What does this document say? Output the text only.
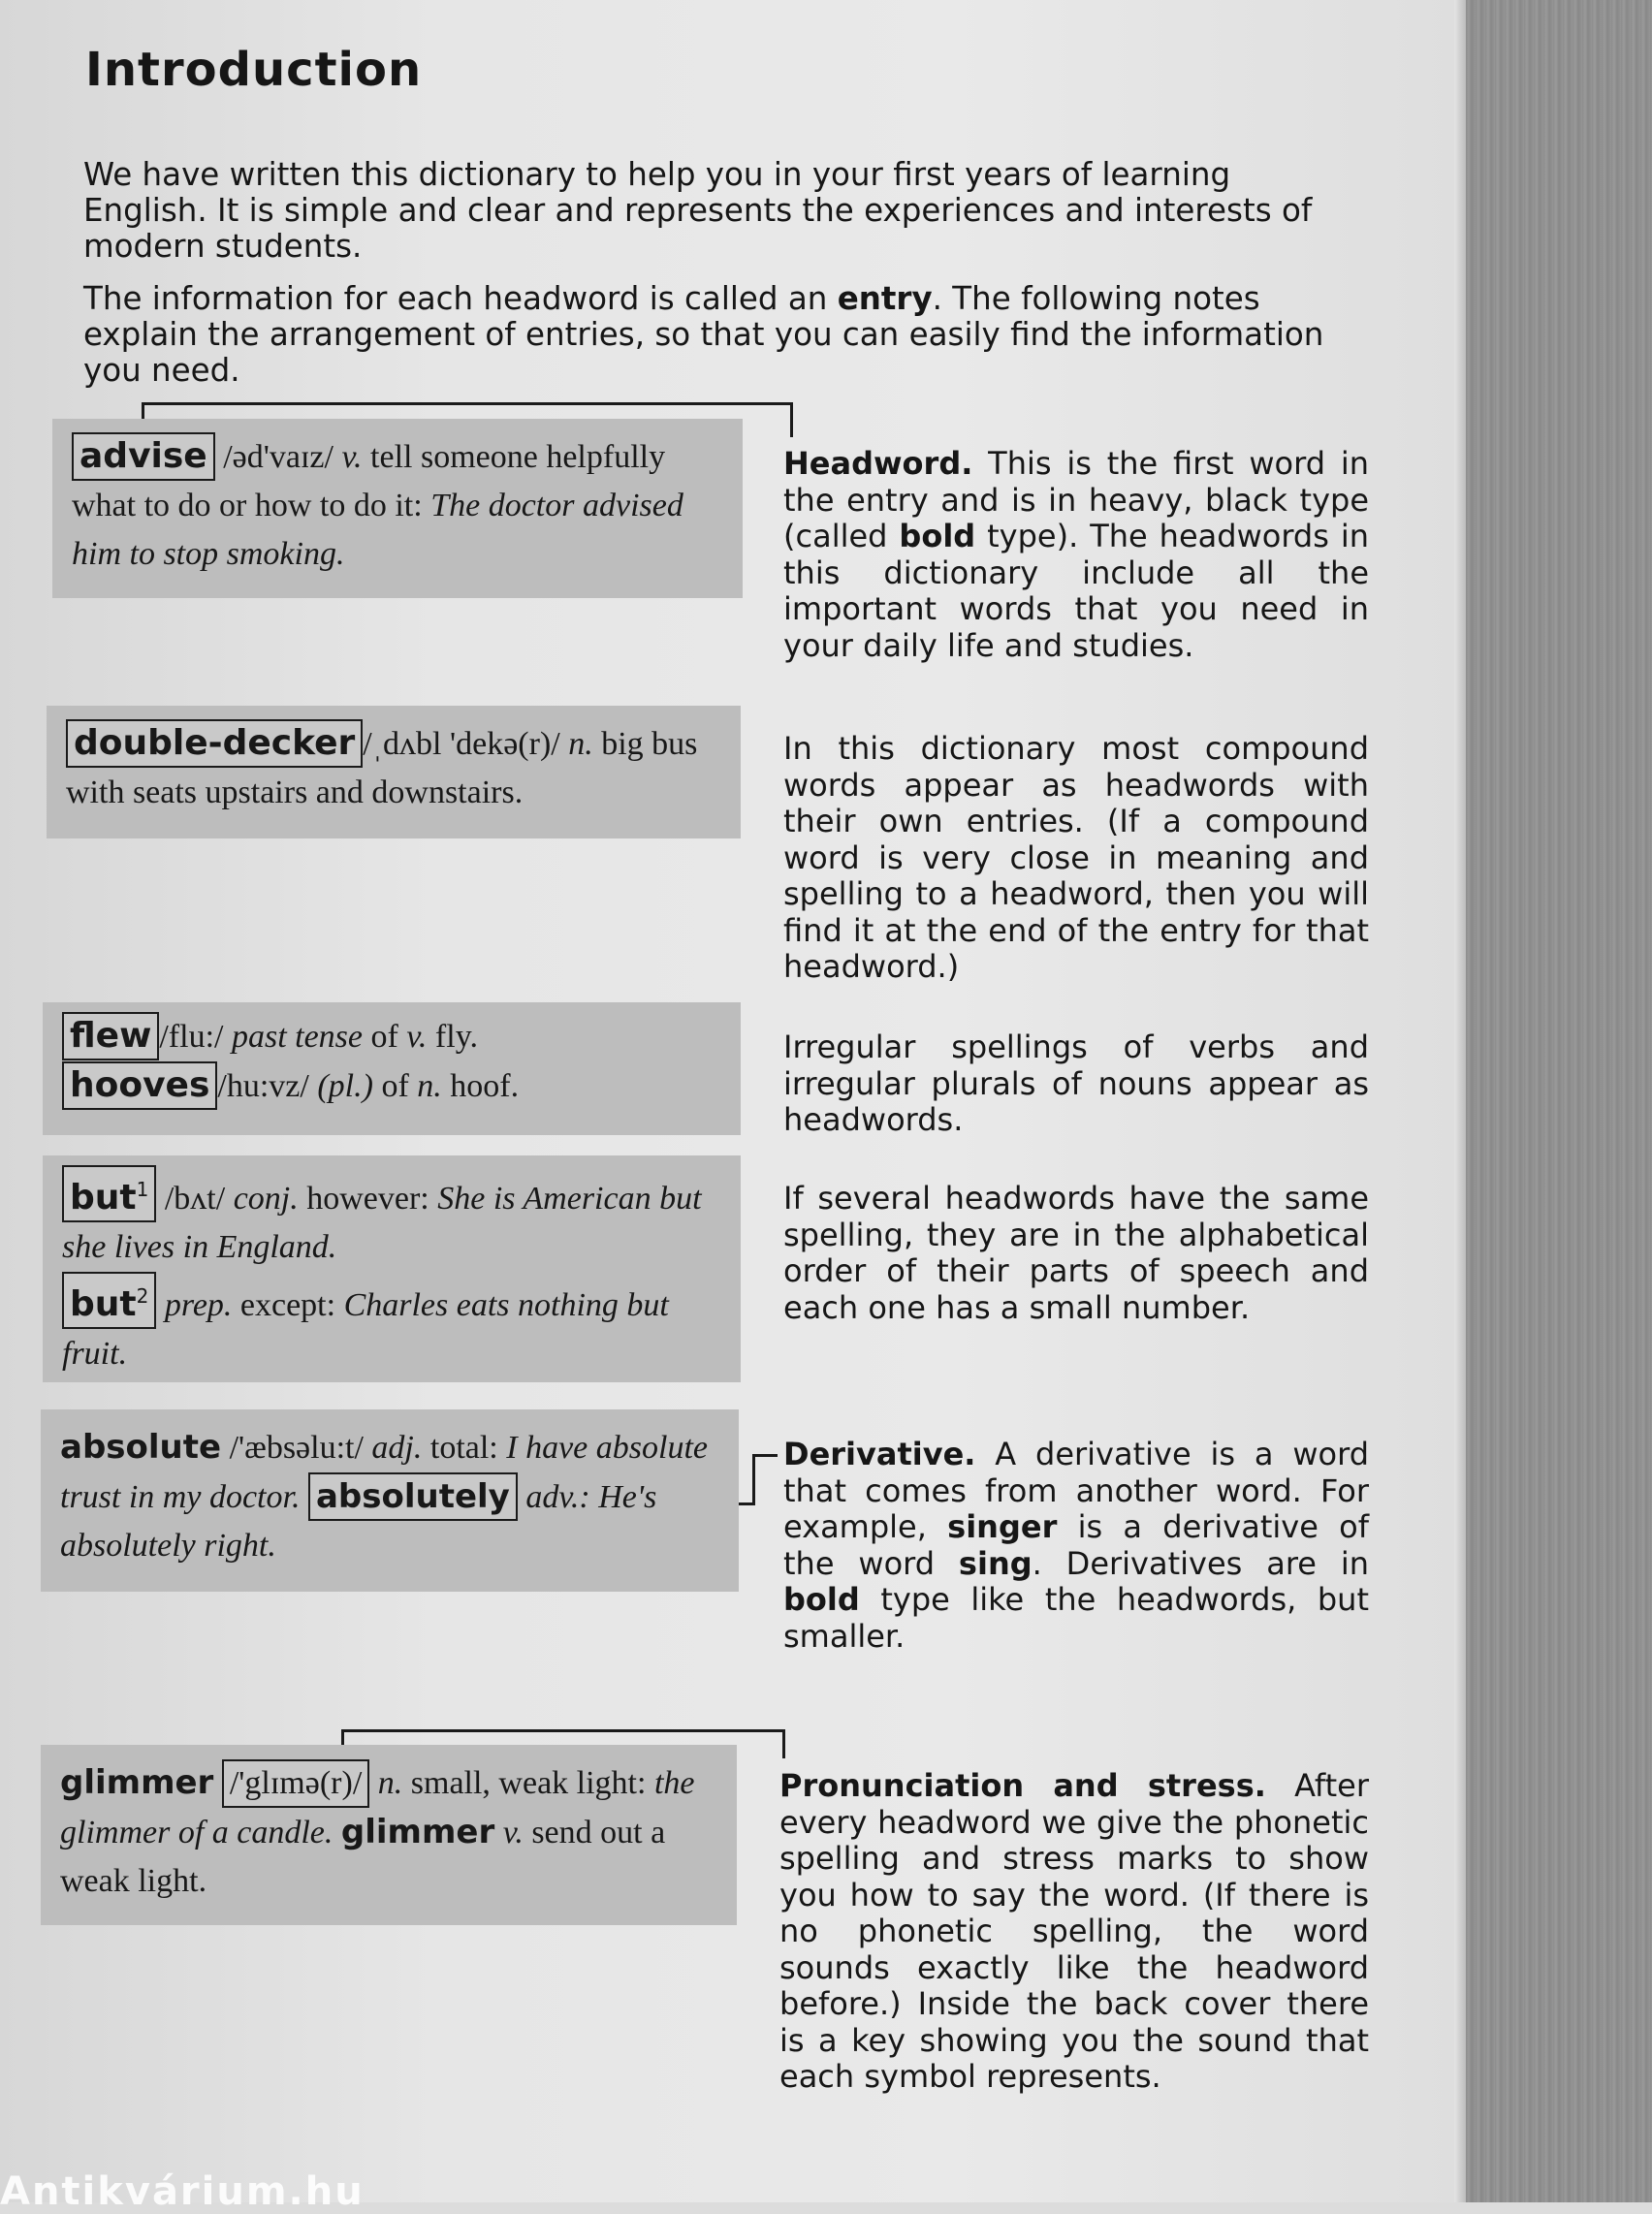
Introduction

We have written this dictionary to help you in your first years of learning English. It is simple and clear and represents the experiences and interests of modern students.

The information for each headword is called an entry. The following notes explain the arrangement of entries, so that you can easily find the information you need.

advise /əd'vaɪz/ v. tell someone helpfully what to do or how to do it: The doctor advised him to stop smoking.
double-decker /ˌdʌbl 'dekə(r)/ n. big bus with seats upstairs and downstairs.
flew /flu:/ past tense of v. fly.
hooves /hu:vz/ (pl.) of n. hoof.
but$^1$ /bʌt/ conj. however: She is American but she lives in England.
but$^2$ prep. except: Charles eats nothing but fruit.
absolute /'æbsəlu:t/ adj. total: I have absolute trust in my doctor. absolutely adv.: He's absolutely right.
glimmer /'glɪmə(r)/ n. small, weak light: the glimmer of a candle. glimmer v. send out a weak light.

Headword. This is the first word in the entry and is in heavy, black type (called bold type). The headwords in this dictionary include all the important words that you need in your daily life and studies.

In this dictionary most compound words appear as headwords with their own entries. (If a compound word is very close in meaning and spelling to a headword, then you will find it at the end of the entry for that headword.)

Irregular spellings of verbs and irregular plurals of nouns appear as headwords.

If several headwords have the same spelling, they are in the alphabetical order of their parts of speech and each one has a small number.

Derivative. A derivative is a word that comes from another word. For example, singer is a derivative of the word sing. Derivatives are in bold type like the headwords, but smaller.

Pronunciation and stress. After every headword we give the phonetic spelling and stress marks to show you how to say the word. (If there is no phonetic spelling, the word sounds exactly like the headword before.) Inside the back cover there is a key showing you the sound that each symbol represents.

Antikvárium.hu
